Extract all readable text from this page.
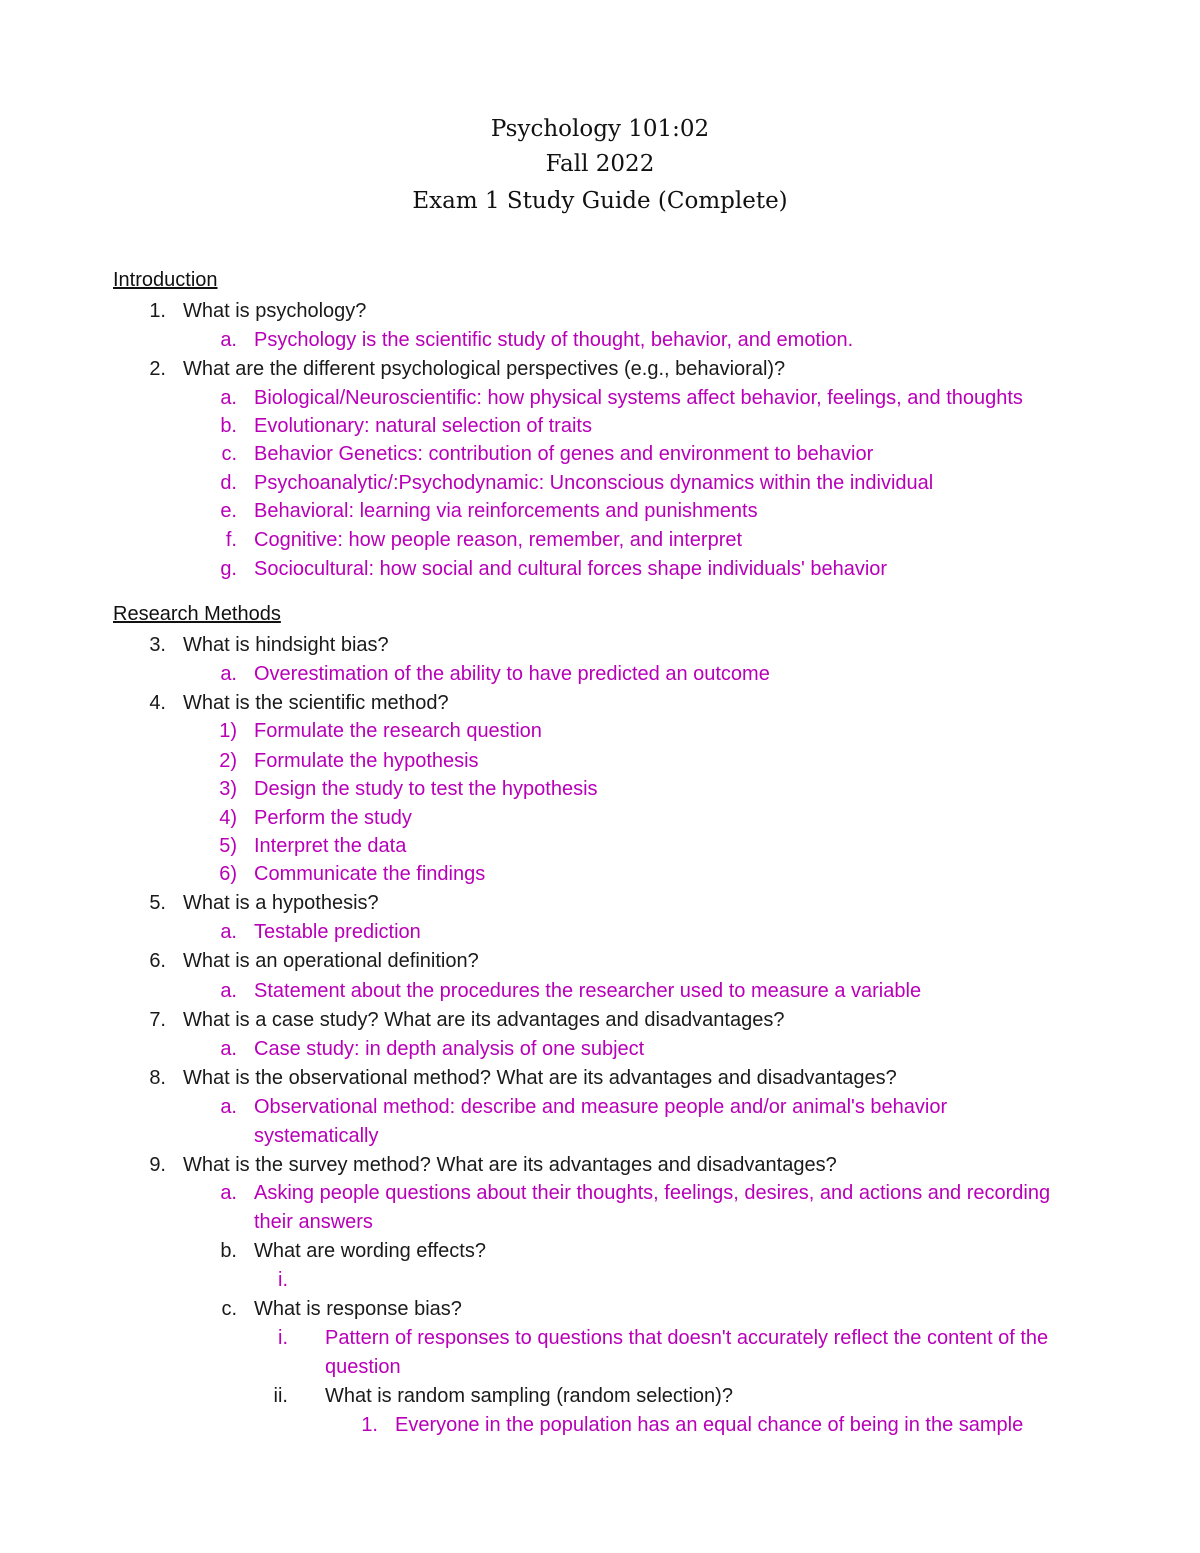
Psychology 101:02
Fall 2022
Exam 1 Study Guide (Complete)
Introduction
Research Methods
1. What is psychology?
a. Psychology is the scientific study of thought, behavior, and emotion.
2. What are the different psychological perspectives (e.g., behavioral)?
a. Biological/Neuroscientific: how physical systems affect behavior, feelings, and thoughts
b. Evolutionary: natural selection of traits
c. Behavior Genetics: contribution of genes and environment to behavior
d. Psychoanalytic/:Psychodynamic: Unconscious dynamics within the individual
e. Behavioral: learning via reinforcements and punishments
f. Cognitive: how people reason, remember, and interpret
g. Sociocultural: how social and cultural forces shape individuals' behavior
3. What is hindsight bias?
a. Overestimation of the ability to have predicted an outcome
4. What is the scientific method?
1) Formulate the research question
2) Formulate the hypothesis
3) Design the study to test the hypothesis
4) Perform the study
5) Interpret the data
6) Communicate the findings
5. What is a hypothesis?
a. Testable prediction
6. What is an operational definition?
a. Statement about the procedures the researcher used to measure a variable
7. What is a case study? What are its advantages and disadvantages?
a. Case study: in depth analysis of one subject
8. What is the observational method? What are its advantages and disadvantages?
a. Observational method: describe and measure people and/or animal's behavior
systematically
9. What is the survey method? What are its advantages and disadvantages?
a. Asking people questions about their thoughts, feelings, desires, and actions and recording
their answers
b. What are wording effects?
i.
c. What is response bias?
i. Pattern of responses to questions that doesn't accurately reflect the content of the
question
ii. What is random sampling (random selection)?
1. Everyone in the population has an equal chance of being in the sample
